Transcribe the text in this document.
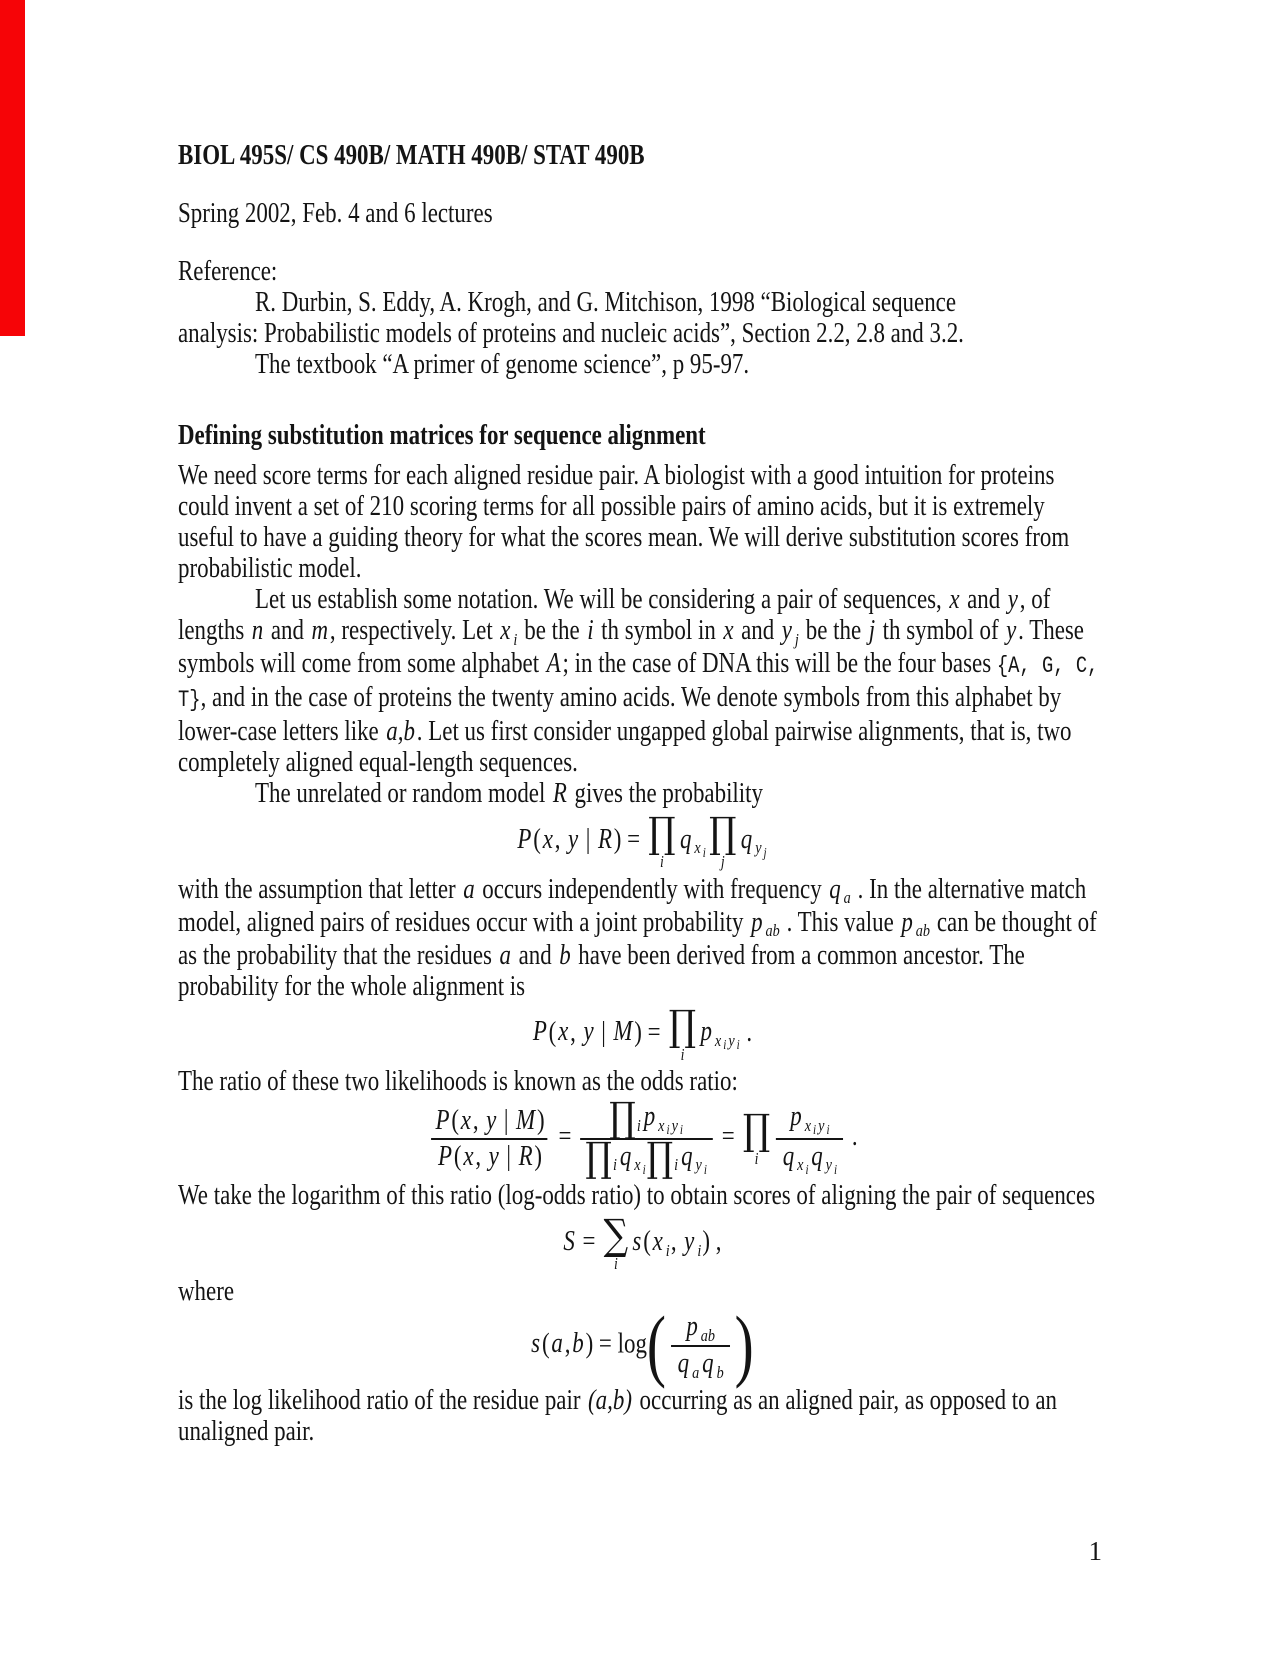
BIOL 495S/ CS 490B/ MATH 490B/ STAT 490B

Spring 2002, Feb. 4 and 6 lectures

Reference:

R. Durbin, S. Eddy, A. Krogh, and G. Mitchison, 1998 “Biological sequence

analysis: Probabilistic models of proteins and nucleic acids”, Section 2.2, 2.8 and 3.2.

The textbook “A primer of genome science”, p 95-97.

Defining substitution matrices for sequence alignment

We need score terms for each aligned residue pair. A biologist with a good intuition for proteins could invent a set of 210 scoring terms for all possible pairs of amino acids, but it is extremely useful to have a guiding theory for what the scores mean. We will derive substitution scores from probabilistic model.

Let us establish some notation. We will be considering a pair of sequences, x and y, of lengths n and m, respectively. Let x i be the i th symbol in x and y j be the j th symbol of y. These symbols will come from some alphabet A; in the case of DNA this will be the four bases {A, G, C, T}, and in the case of proteins the twenty amino acids. We denote symbols from this alphabet by lower-case letters like a,b. Let us first consider ungapped global pairwise alignments, that is, two completely aligned equal-length sequences.

The unrelated or random model R gives the probability

P(x, y | R) = ∏
i
q x i ∏
j
q y j

with the assumption that letter a occurs independently with frequency q a . In the alternative match model, aligned pairs of residues occur with a joint probability p ab . This value p ab can be thought of as the probability that the residues a and b have been derived from a common ancestor. The probability for the whole alignment is

P(x, y | M) = ∏
i
p x i y i .

The ratio of these two likelihoods is known as the odds ratio:

$\frac{P(x, y | M)}{P(x, y | R)} = \frac{\text{∏i p x i y i}}{\text{∏i q x i∏i q y i}}$ = ∏
i $\frac{\text{p x i y i}}{\text{q x iq y i}}$ .

We take the logarithm of this ratio (log-odds ratio) to obtain scores of aligning the pair of sequences

S = ∑
i
s(x i, y i) ,

where

s(a,b) = log ( $\frac{\text{p ab}}{\text{q a q b}}$ )

is the log likelihood ratio of the residue pair (a,b) occurring as an aligned pair, as opposed to an unaligned pair.

1
